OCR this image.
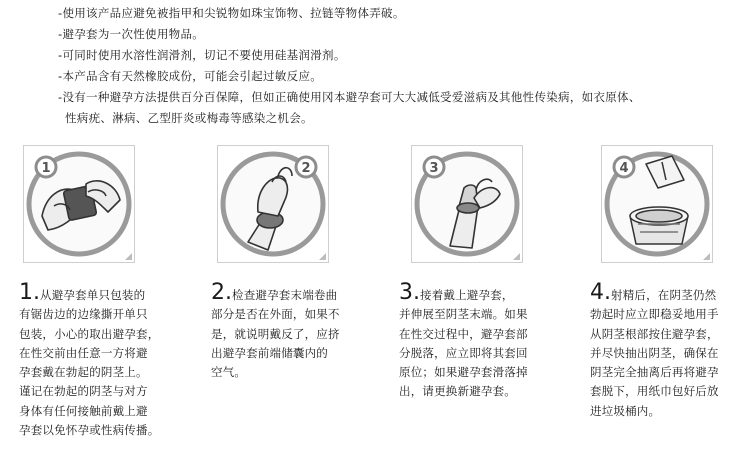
-使用该产品应避免被指甲和尖锐物如珠宝饰物、拉链等物体弄破。
-避孕套为一次性使用物品。
-可同时使用水溶性润滑剂，切记不要使用硅基润滑剂。
-本产品含有天然橡胶成份，可能会引起过敏反应。
-没有一种避孕方法提供百分百保障，但如正确使用冈本避孕套可大大减低受爱滋病及其他性传染病，如衣原体、
性病疣、淋病、乙型肝炎或梅毒等感染之机会。
1	2	3	4
1.从避孕套单只包装的
有锯齿边的边缘撕开单只
包装，小心的取出避孕套，
在性交前由任意一方将避
孕套戴在勃起的阴茎上。
谨记在勃起的阴茎与对方
身体有任何接触前戴上避
孕套以免怀孕或性病传播。
2.检查避孕套末端卷曲
部分是否在外面，如果不
是，就说明戴反了，应挤
出避孕套前端储囊内的
空气。
3.接着戴上避孕套，
并伸展至阴茎末端。如果
在性交过程中，避孕套部
分脱落，应立即将其套回
原位；如果避孕套滑落掉
出，请更换新避孕套。
4.射精后，在阴茎仍然
勃起时应立即稳妥地用手
从阴茎根部按住避孕套，
并尽快抽出阴茎，确保在
阴茎完全抽离后再将避孕
套脱下，用纸巾包好后放
进垃圾桶内。
